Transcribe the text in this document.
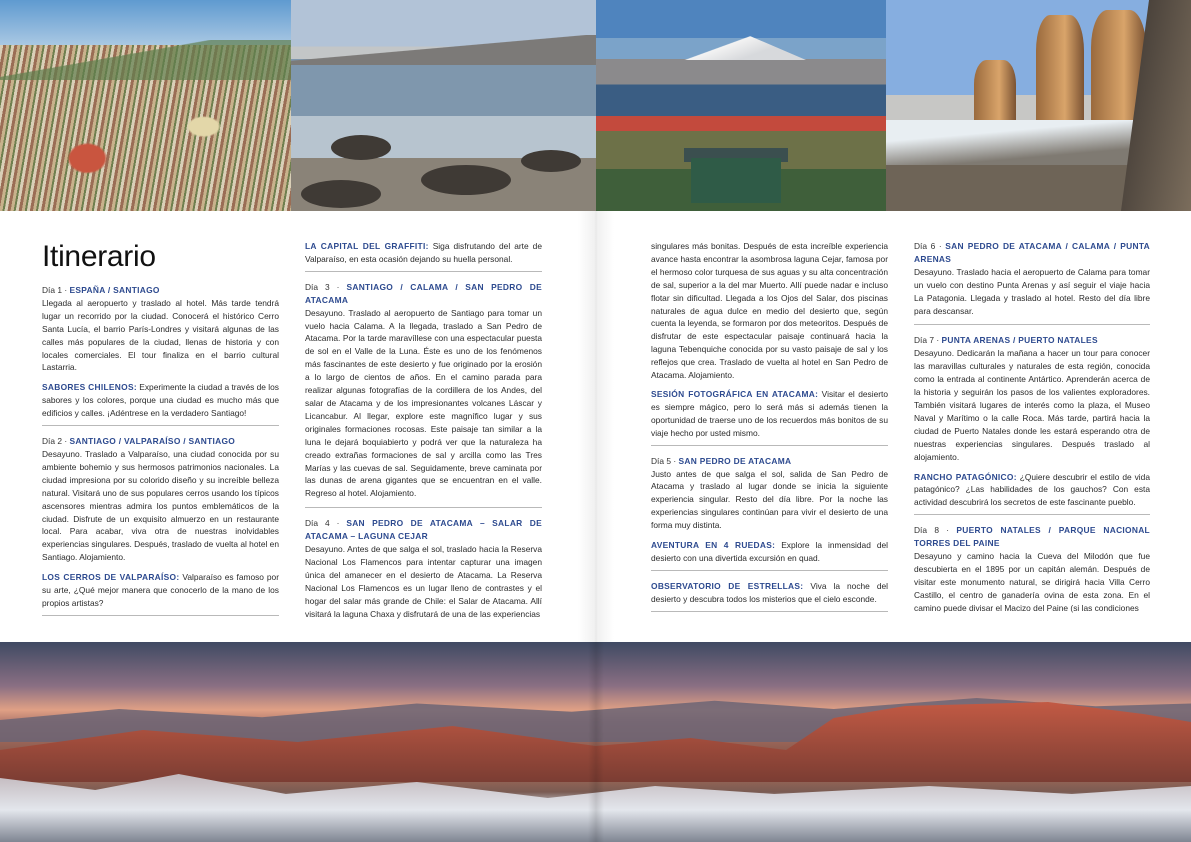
Itinerario

Día 1 · ESPAÑA / SANTIAGO

Llegada al aeropuerto y traslado al hotel. Más tarde tendrá lugar un recorrido por la ciudad. Conocerá el histórico Cerro Santa Lucía, el barrio París-Londres y visitará algunas de las calles más populares de la ciudad, llenas de historia y con locales comerciales. El tour finaliza en el barrio cultural Lastarria.

SABORES CHILENOS: Experimente la ciudad a través de los sabores y los colores, porque una ciudad es mucho más que edificios y calles. ¡Adéntrese en la verdadero Santiago!

Día 2 · SANTIAGO / VALPARAÍSO / SANTIAGO

Desayuno. Traslado a Valparaíso, una ciudad conocida por su ambiente bohemio y sus hermosos patrimonios nacionales. La ciudad impresiona por su colorido diseño y su increíble belleza natural. Visitará uno de sus populares cerros usando los típicos ascensores mientras admira los puntos emblemáticos de la ciudad. Disfrute de un exquisito almuerzo en un restaurante local. Para acabar, viva otra de nuestras inolvidables experiencias singulares. Después, traslado de vuelta al hotel en Santiago. Alojamiento.

LOS CERROS DE VALPARAÍSO: Valparaíso es famoso por su arte, ¿Qué mejor manera que conocerlo de la mano de los propios artistas?

LA CAPITAL DEL GRAFFITI: Siga disfrutando del arte de Valparaíso, en esta ocasión dejando su huella personal.

Día 3 · SANTIAGO / CALAMA / SAN PEDRO DE ATACAMA

Desayuno. Traslado al aeropuerto de Santiago para tomar un vuelo hacia Calama. A la llegada, traslado a San Pedro de Atacama. Por la tarde maravíllese con una espectacular puesta de sol en el Valle de la Luna. Éste es uno de los fenómenos más fascinantes de este desierto y fue originado por la erosión a lo largo de cientos de años. En el camino parada para realizar algunas fotografías de la cordillera de los Andes, del salar de Atacama y de los impresionantes volcanes Láscar y Licancabur. Al llegar, explore este magnífico lugar y sus originales formaciones rocosas. Este paisaje tan similar a la luna le dejará boquiabierto y podrá ver que la naturaleza ha creado extrañas formaciones de sal y arcilla como las Tres Marías y las cuevas de sal. Seguidamente, breve caminata por las dunas de arena gigantes que se encuentran en el valle. Regreso al hotel. Alojamiento.

Día 4 · SAN PEDRO DE ATACAMA – SALAR DE ATACAMA – LAGUNA CEJAR

Desayuno. Antes de que salga el sol, traslado hacia la Reserva Nacional Los Flamencos para intentar capturar una imagen única del amanecer en el desierto de Atacama. La Reserva Nacional Los Flamencos es un lugar lleno de contrastes y el hogar del salar más grande de Chile: el Salar de Atacama. Allí visitará la laguna Chaxa y disfrutará de una de las experiencias

singulares más bonitas. Después de esta increíble experiencia avance hasta encontrar la asombrosa laguna Cejar, famosa por el hermoso color turquesa de sus aguas y su alta concentración de sal, superior a la del mar Muerto. Allí puede nadar e incluso flotar sin dificultad. Llegada a los Ojos del Salar, dos piscinas naturales de agua dulce en medio del desierto que, según cuenta la leyenda, se formaron por dos meteoritos. Después de disfrutar de este espectacular paisaje continuará hacia la laguna Tebenquiche conocida por su vasto paisaje de sal y los reflejos que crea. Traslado de vuelta al hotel en San Pedro de Atacama. Alojamiento.

SESIÓN FOTOGRÁFICA EN ATACAMA: Visitar el desierto es siempre mágico, pero lo será más si además tienen la oportunidad de traerse uno de los recuerdos más bonitos de su viaje hecho por usted mismo.

Día 5 · SAN PEDRO DE ATACAMA

Justo antes de que salga el sol, salida de San Pedro de Atacama y traslado al lugar donde se inicia la siguiente experiencia singular. Resto del día libre. Por la noche las experiencias singulares continúan para vivir el desierto de una forma muy distinta.

AVENTURA EN 4 RUEDAS: Explore la inmensidad del desierto con una divertida excursión en quad.

OBSERVATORIO DE ESTRELLAS: Viva la noche del desierto y descubra todos los misterios que el cielo esconde.

Día 6 · SAN PEDRO DE ATACAMA / CALAMA / PUNTA ARENAS

Desayuno. Traslado hacia el aeropuerto de Calama para tomar un vuelo con destino Punta Arenas y así seguir el viaje hacia La Patagonia. Llegada y traslado al hotel. Resto del día libre para descansar.

Día 7 · PUNTA ARENAS / PUERTO NATALES

Desayuno. Dedicarán la mañana a hacer un tour para conocer las maravillas culturales y naturales de esta región, conocida como la entrada al continente Antártico. Aprenderán acerca de la historia y seguirán los pasos de los valientes exploradores. También visitará lugares de interés como la plaza, el Museo Naval y Marítimo o la calle Roca. Más tarde, partirá hacia la ciudad de Puerto Natales donde les estará esperando otra de nuestras experiencias singulares. Después traslado al alojamiento.

RANCHO PATAGÓNICO: ¿Quiere descubrir el estilo de vida patagónico? ¿Las habilidades de los gauchos? Con esta actividad descubrirá los secretos de este fascinante pueblo.

Día 8 · PUERTO NATALES / PARQUE NACIONAL TORRES DEL PAINE

Desayuno y camino hacia la Cueva del Milodón que fue descubierta en el 1895 por un capitán alemán. Después de visitar este monumento natural, se dirigirá hacia Villa Cerro Castillo, el centro de ganadería ovina de esta zona. En el camino puede divisar el Macizo del Paine (si las condiciones
